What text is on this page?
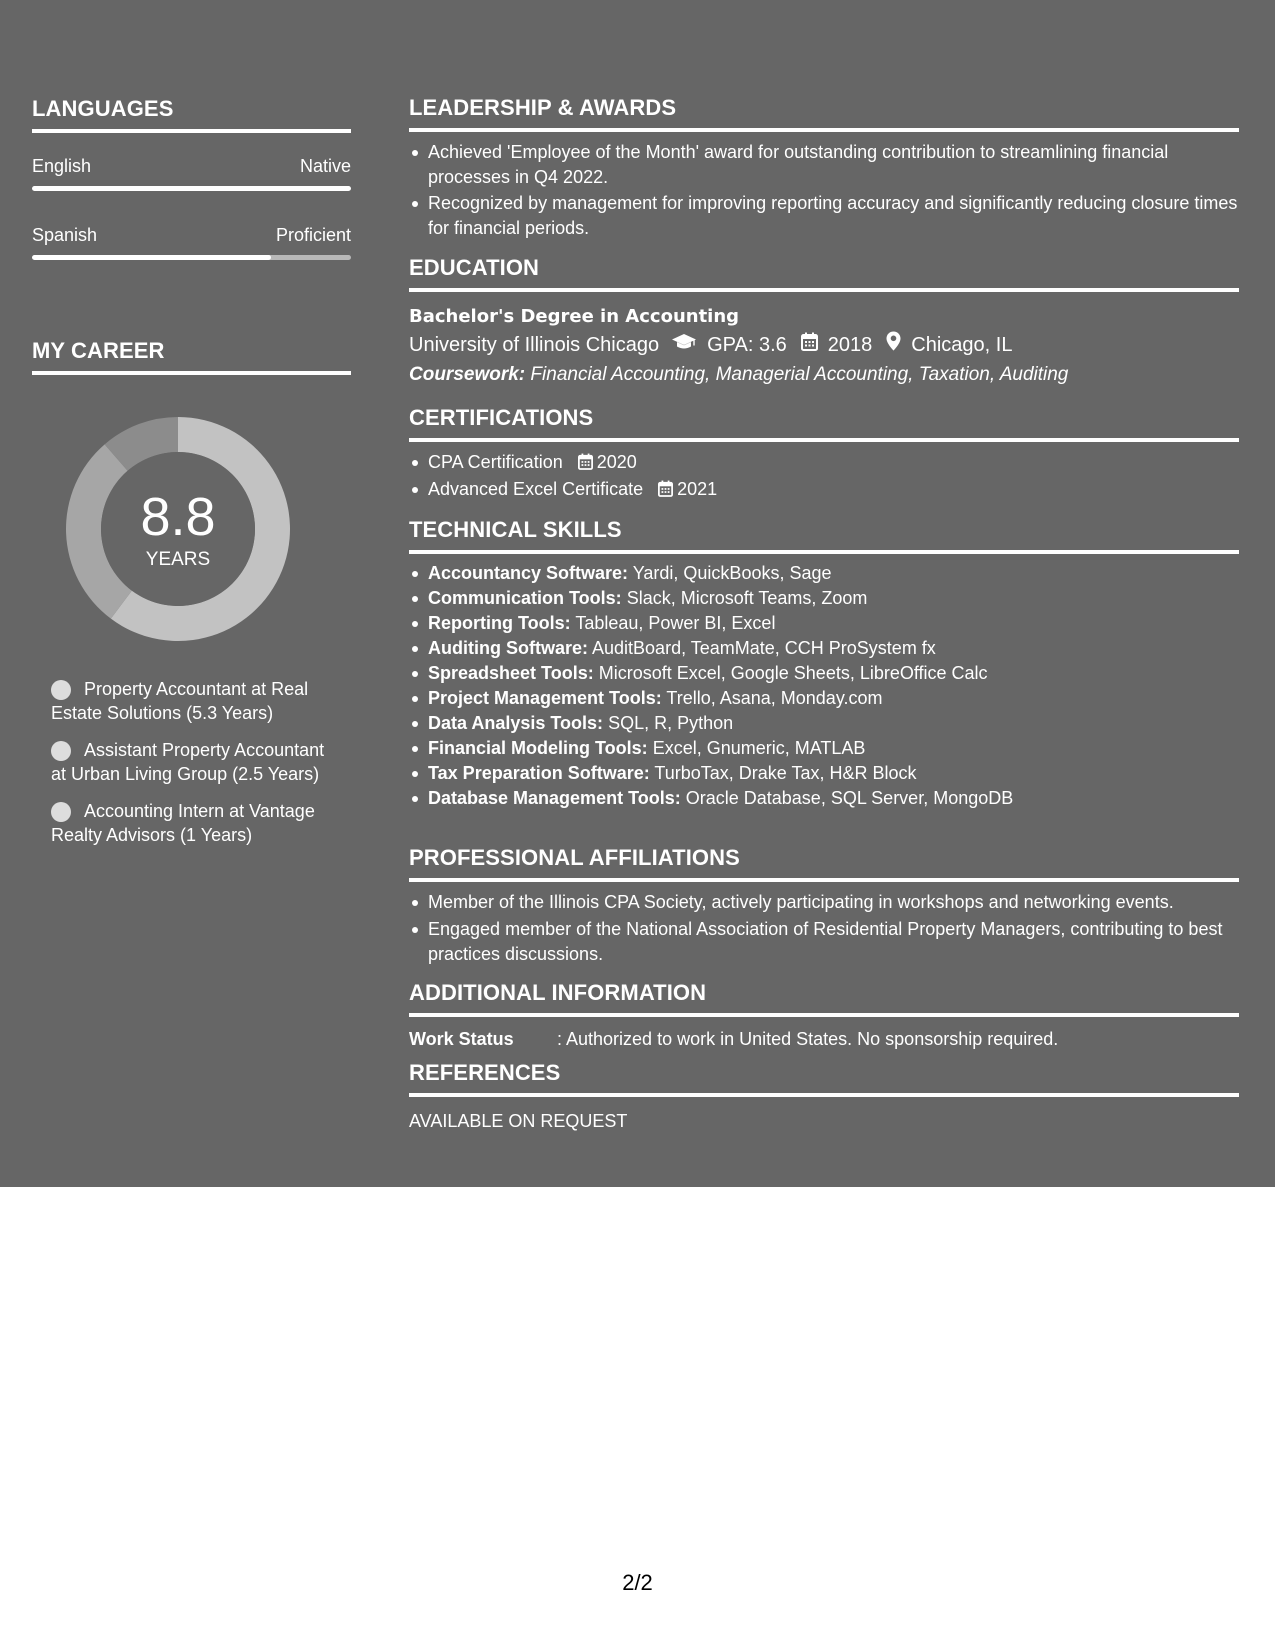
LANGUAGES
English	Native
Spanish	Proficient
MY CAREER
8.8
YEARS
Property Accountant at Real Estate Solutions (5.3 Years)
Assistant Property Accountant at Urban Living Group (2.5 Years)
Accounting Intern at Vantage Realty Advisors (1 Years)
LEADERSHIP & AWARDS
Achieved 'Employee of the Month' award for outstanding contribution to streamlining financial processes in Q4 2022.
Recognized by management for improving reporting accuracy and significantly reducing closure times for financial periods.
EDUCATION
Bachelor's Degree in Accounting
University of Illinois Chicago GPA: 3.6 2018 Chicago, IL
Coursework: Financial Accounting, Managerial Accounting, Taxation, Auditing
CERTIFICATIONS
CPA Certification 2020
Advanced Excel Certificate 2021
TECHNICAL SKILLS
Accountancy Software: Yardi, QuickBooks, Sage
Communication Tools: Slack, Microsoft Teams, Zoom
Reporting Tools: Tableau, Power BI, Excel
Auditing Software: AuditBoard, TeamMate, CCH ProSystem fx
Spreadsheet Tools: Microsoft Excel, Google Sheets, LibreOffice Calc
Project Management Tools: Trello, Asana, Monday.com
Data Analysis Tools: SQL, R, Python
Financial Modeling Tools: Excel, Gnumeric, MATLAB
Tax Preparation Software: TurboTax, Drake Tax, H&R Block
Database Management Tools: Oracle Database, SQL Server, MongoDB
PROFESSIONAL AFFILIATIONS
Member of the Illinois CPA Society, actively participating in workshops and networking events.
Engaged member of the National Association of Residential Property Managers, contributing to best practices discussions.
ADDITIONAL INFORMATION
Work Status	: Authorized to work in United States. No sponsorship required.
REFERENCES
AVAILABLE ON REQUEST
2/2
